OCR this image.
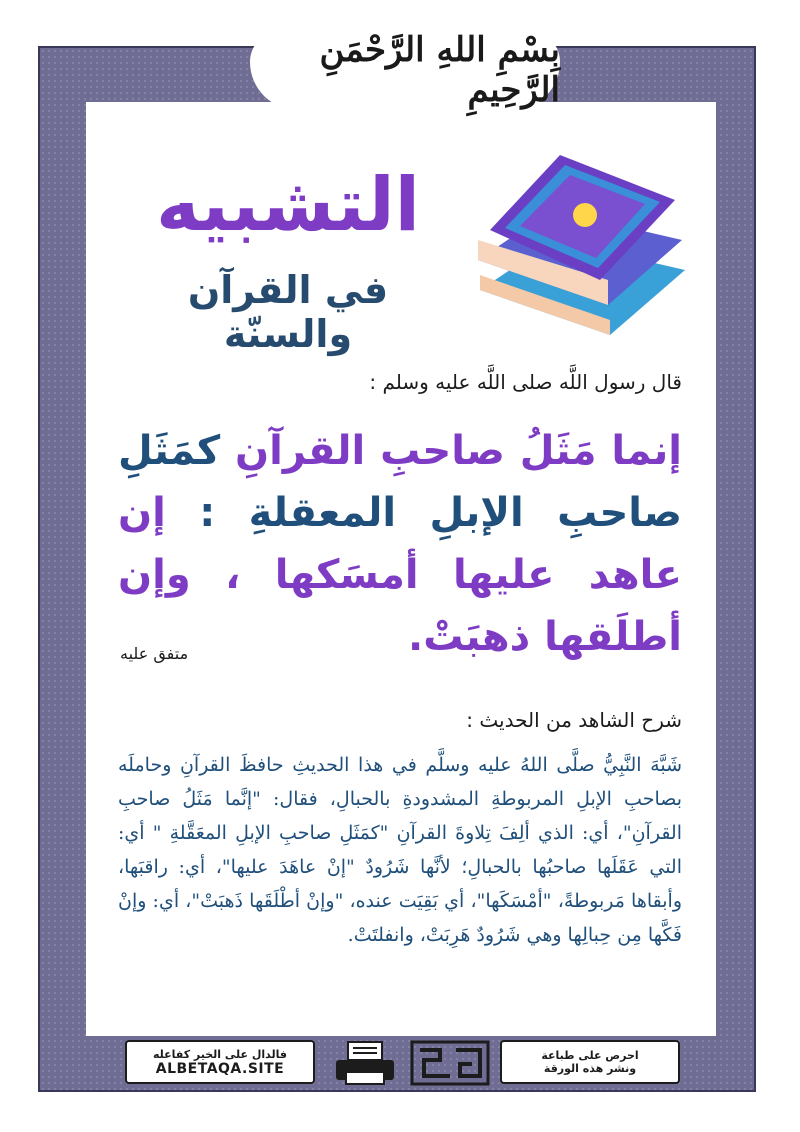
بِسْمِ اللهِ الرَّحْمَنِ الرَّحِيمِ
التشبيه
في القرآن والسنّة
قال رسول اللَّه صلى اللَّه عليه وسلم :
إنما مَثَلُ صاحبِ القرآنِ كمَثَلِ صاحبِ الإبلِ المعقلةِ : إن عاهد عليها أمسَكها ، وإن أطلَقها ذهبَتْ.
متفق عليه
شرح الشاهد من الحديث :
شَبَّهَ النَّبِيُّ صلَّى اللهُ عليه وسلَّم في هذا الحديثِ حافظَ القرآنِ وحاملَه بصاحبِ الإبلِ المربوطةِ المشدودةِ بالحبالِ، فقال: "إنَّما مَثَلُ صاحبِ القرآنِ"، أي: الذي ألِفَ تِلاوةَ القرآنِ "كمَثَلِ صاحبِ الإبلِ المعَقَّلةِ " أي: التي عَقَلَها صاحبُها بالحبالِ؛ لأنَّها شَرُودٌ "إنْ عاهَدَ عليها"، أي: راقبَها، وأبقاها مَربوطةً، "أمْسَكَها"، أي بَقِيَت عنده، "وإنْ أطْلَقَها ذَهبَتْ"، أي: وإنْ فَكَّها مِن حِبالِها وهي شَرُودٌ هَرِبَتْ، وانفلتَتْ.
فالدال على الخير كفاعله
ALBETAQA.SITE
احرص على طباعة
ونشر هذه الورقة
